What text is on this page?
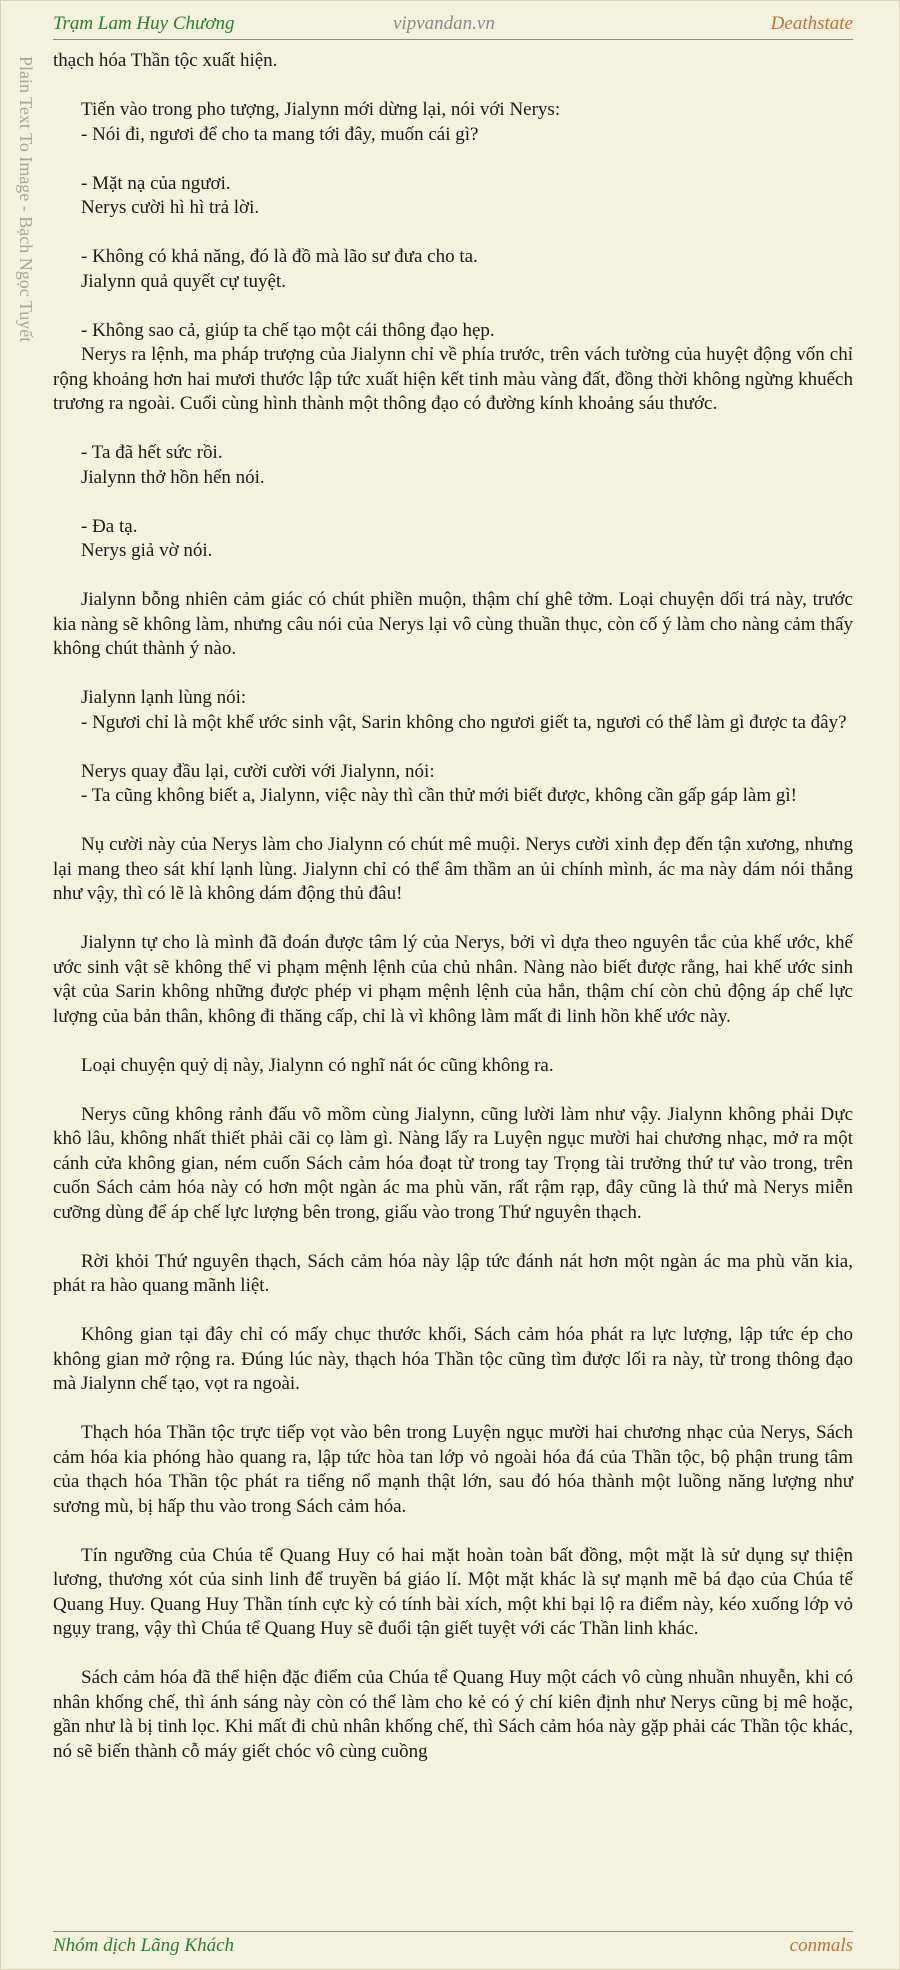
Trạm Lam Huy Chương	vipvandan.vn	Deathstate
Plain Text To Image - Bạch Ngọc Tuyết thạch hóa Thần tộc xuất hiện.

Tiến vào trong pho tượng, Jialynn mới dừng lại, nói với Nerys:

- Nói đi, ngươi để cho ta mang tới đây, muốn cái gì?

- Mặt nạ của ngươi.

Nerys cười hì hì trả lời.

- Không có khả năng, đó là đồ mà lão sư đưa cho ta.

Jialynn quả quyết cự tuyệt.

- Không sao cả, giúp ta chế tạo một cái thông đạo hẹp.

Nerys ra lệnh, ma pháp trượng của Jialynn chỉ về phía trước, trên vách tường của huyệt động vốn chỉ rộng khoảng hơn hai mươi thước lập tức xuất hiện kết tinh màu vàng đất, đồng thời không ngừng khuếch trương ra ngoài. Cuối cùng hình thành một thông đạo có đường kính khoảng sáu thước.

- Ta đã hết sức rồi.

Jialynn thở hồn hển nói.

- Đa tạ.

Nerys giả vờ nói.

Jialynn bỗng nhiên cảm giác có chút phiền muộn, thậm chí ghê tởm. Loại chuyện dối trá này, trước kia nàng sẽ không làm, nhưng câu nói của Nerys lại vô cùng thuần thục, còn cố ý làm cho nàng cảm thấy không chút thành ý nào.

Jialynn lạnh lùng nói:

- Ngươi chỉ là một khế ước sinh vật, Sarin không cho ngươi giết ta, ngươi có thể làm gì được ta đây?

Nerys quay đầu lại, cười cười với Jialynn, nói:

- Ta cũng không biết a, Jialynn, việc này thì cần thử mới biết được, không cần gấp gáp làm gì!

Nụ cười này của Nerys làm cho Jialynn có chút mê muội. Nerys cười xinh đẹp đến tận xương, nhưng lại mang theo sát khí lạnh lùng. Jialynn chỉ có thể âm thầm an ủi chính mình, ác ma này dám nói thẳng như vậy, thì có lẽ là không dám động thủ đâu!

Jialynn tự cho là mình đã đoán được tâm lý của Nerys, bởi vì dựa theo nguyên tắc của khế ước, khế ước sinh vật sẽ không thể vi phạm mệnh lệnh của chủ nhân. Nàng nào biết được rằng, hai khế ước sinh vật của Sarin không những được phép vi phạm mệnh lệnh của hắn, thậm chí còn chủ động áp chế lực lượng của bản thân, không đi thăng cấp, chỉ là vì không làm mất đi linh hồn khế ước này.

Loại chuyện quỷ dị này, Jialynn có nghĩ nát óc cũng không ra.

Nerys cũng không rảnh đấu võ mồm cùng Jialynn, cũng lười làm như vậy. Jialynn không phải Dực khô lâu, không nhất thiết phải cãi cọ làm gì. Nàng lấy ra Luyện ngục mười hai chương nhạc, mở ra một cánh cửa không gian, ném cuốn Sách cảm hóa đoạt từ trong tay Trọng tài trưởng thứ tư vào trong, trên cuốn Sách cảm hóa này có hơn một ngàn ác ma phù văn, rất rậm rạp, đây cũng là thứ mà Nerys miễn cưỡng dùng để áp chế lực lượng bên trong, giấu vào trong Thứ nguyên thạch.

Rời khỏi Thứ nguyên thạch, Sách cảm hóa này lập tức đánh nát hơn một ngàn ác ma phù văn kia, phát ra hào quang mãnh liệt.

Không gian tại đây chỉ có mấy chục thước khối, Sách cảm hóa phát ra lực lượng, lập tức ép cho không gian mở rộng ra. Đúng lúc này, thạch hóa Thần tộc cũng tìm được lối ra này, từ trong thông đạo mà Jialynn chế tạo, vọt ra ngoài.

Thạch hóa Thần tộc trực tiếp vọt vào bên trong Luyện ngục mười hai chương nhạc của Nerys, Sách cảm hóa kia phóng hào quang ra, lập tức hòa tan lớp vỏ ngoài hóa đá của Thần tộc, bộ phận trung tâm của thạch hóa Thần tộc phát ra tiếng nổ mạnh thật lớn, sau đó hóa thành một luồng năng lượng như sương mù, bị hấp thu vào trong Sách cảm hóa.

Tín ngưỡng của Chúa tể Quang Huy có hai mặt hoàn toàn bất đồng, một mặt là sử dụng sự thiện lương, thương xót của sinh linh để truyền bá giáo lí. Một mặt khác là sự mạnh mẽ bá đạo của Chúa tể Quang Huy. Quang Huy Thần tính cực kỳ có tính bài xích, một khi bại lộ ra điểm này, kéo xuống lớp vỏ ngụy trang, vậy thì Chúa tể Quang Huy sẽ đuổi tận giết tuyệt với các Thần linh khác.

Sách cảm hóa đã thể hiện đặc điểm của Chúa tể Quang Huy một cách vô cùng nhuần nhuyễn, khi có nhân khống chế, thì ánh sáng này còn có thể làm cho kẻ có ý chí kiên định như Nerys cũng bị mê hoặc, gần như là bị tinh lọc. Khi mất đi chủ nhân khống chế, thì Sách cảm hóa này gặp phải các Thần tộc khác, nó sẽ biến thành cỗ máy giết chóc vô cùng cuồng

Nhóm dịch Lãng Khách	conmals
